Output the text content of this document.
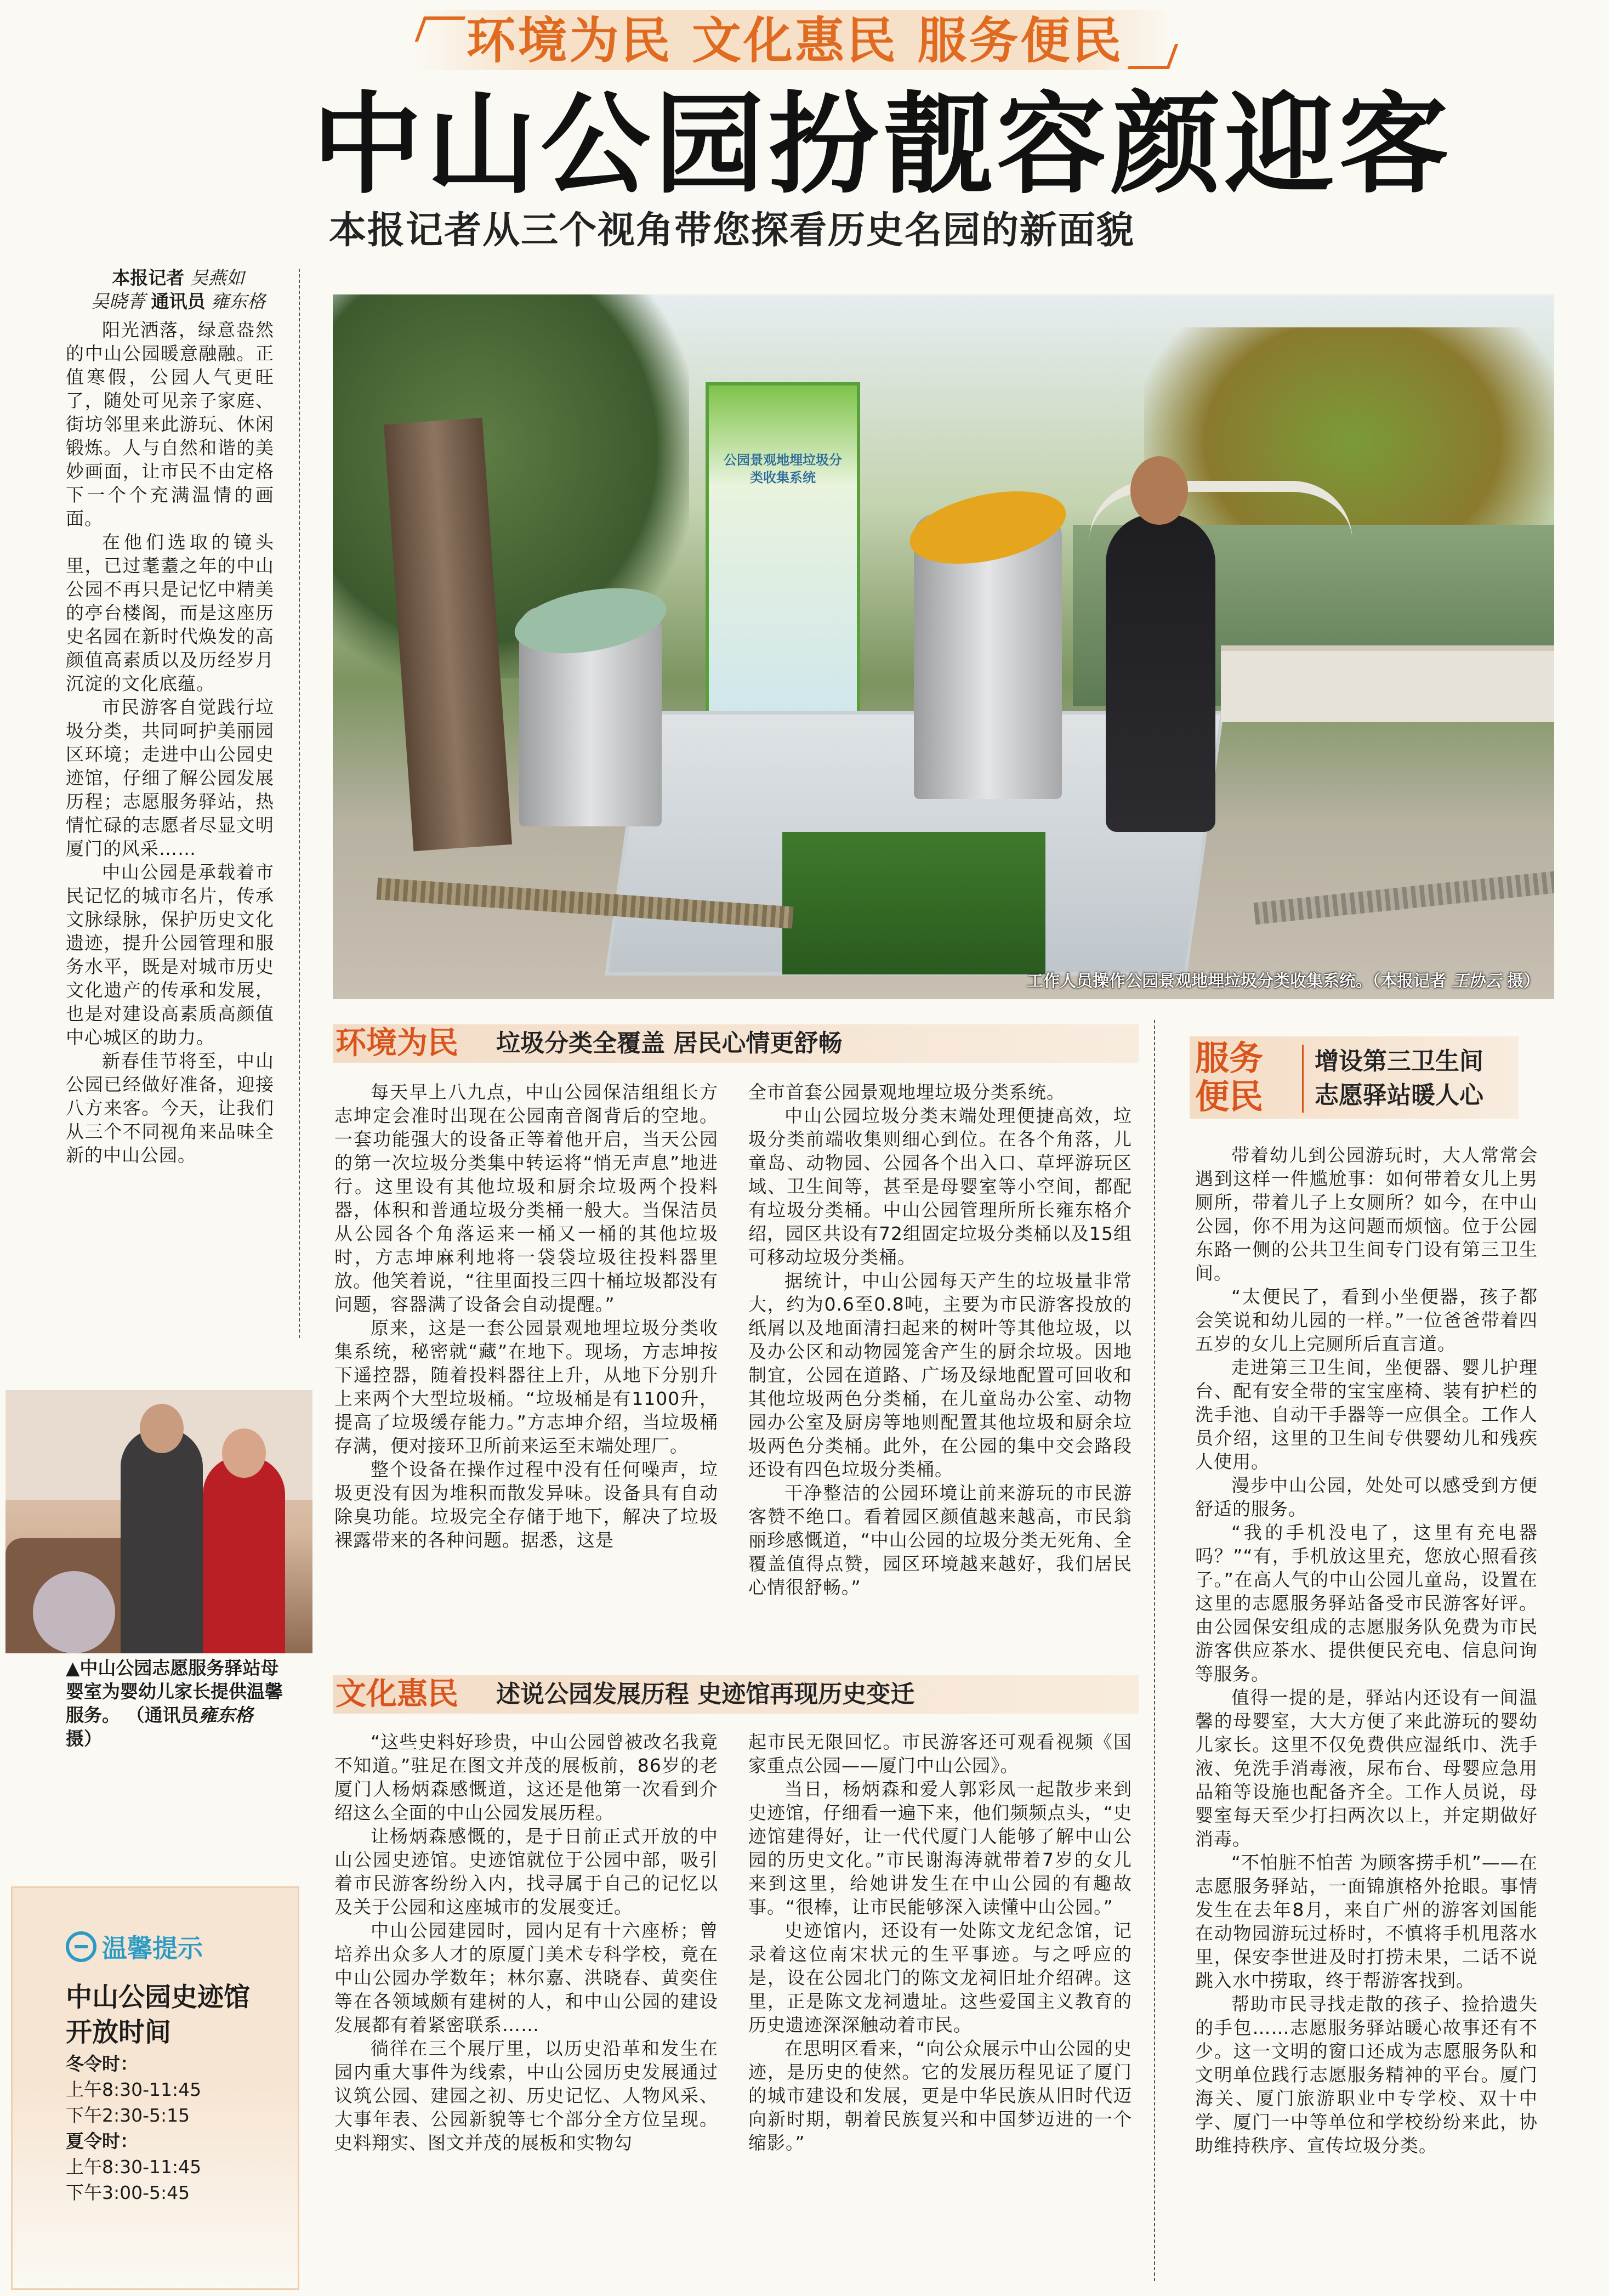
环境为民 文化惠民 服务便民
中山公园扮靓容颜迎客
本报记者从三个视角带您探看历史名园的新面貌
本报记者 吴燕如
吴晓菁 通讯员 雍东格

阳光洒落，绿意盎然的中山公园暖意融融。正值寒假，公园人气更旺了，随处可见亲子家庭、街坊邻里来此游玩、休闲锻炼。人与自然和谐的美妙画面，让市民不由定格下一个个充满温情的画面。

在他们选取的镜头里，已过耄耋之年的中山公园不再只是记忆中精美的亭台楼阁，而是这座历史名园在新时代焕发的高颜值高素质以及历经岁月沉淀的文化底蕴。

市民游客自觉践行垃圾分类，共同呵护美丽园区环境；走进中山公园史迹馆，仔细了解公园发展历程；志愿服务驿站，热情忙碌的志愿者尽显文明厦门的风采……

中山公园是承载着市民记忆的城市名片，传承文脉绿脉，保护历史文化遗迹，提升公园管理和服务水平，既是对城市历史文化遗产的传承和发展，也是对建设高素质高颜值中心城区的助力。

新春佳节将至，中山公园已经做好准备，迎接八方来客。今天，让我们从三个不同视角来品味全新的中山公园。

▲中山公园志愿服务驿站母婴室为婴幼儿家长提供温馨服务。 （通讯员雍东格摄）
温馨提示
中山公园史迹馆
开放时间
冬令时：
上午8:30-11:45
下午2:30-5:15
夏令时：
上午8:30-11:45
下午3:00-5:45
公园景观地埋垃圾分类收集系统
工作人员操作公园景观地埋垃圾分类收集系统。（本报记者 王协云 摄）
环境为民 垃圾分类全覆盖 居民心情更舒畅

每天早上八九点，中山公园保洁组组长方志坤定会准时出现在公园南音阁背后的空地。一套功能强大的设备正等着他开启，当天公园的第一次垃圾分类集中转运将“悄无声息”地进行。这里设有其他垃圾和厨余垃圾两个投料器，体积和普通垃圾分类桶一般大。当保洁员从公园各个角落运来一桶又一桶的其他垃圾时，方志坤麻利地将一袋袋垃圾往投料器里放。他笑着说，“往里面投三四十桶垃圾都没有问题，容器满了设备会自动提醒。”

原来，这是一套公园景观地埋垃圾分类收集系统，秘密就“藏”在地下。现场，方志坤按下遥控器，随着投料器往上升，从地下分别升上来两个大型垃圾桶。“垃圾桶是有1100升，提高了垃圾缓存能力。”方志坤介绍，当垃圾桶存满，便对接环卫所前来运至末端处理厂。

整个设备在操作过程中没有任何噪声，垃圾更没有因为堆积而散发异味。设备具有自动除臭功能。垃圾完全存储于地下，解决了垃圾裸露带来的各种问题。据悉，这是

全市首套公园景观地埋垃圾分类系统。

中山公园垃圾分类末端处理便捷高效，垃圾分类前端收集则细心到位。在各个角落，儿童岛、动物园、公园各个出入口、草坪游玩区域、卫生间等，甚至是母婴室等小空间，都配有垃圾分类桶。中山公园管理所所长雍东格介绍，园区共设有72组固定垃圾分类桶以及15组可移动垃圾分类桶。

据统计，中山公园每天产生的垃圾量非常大，约为0.6至0.8吨，主要为市民游客投放的纸屑以及地面清扫起来的树叶等其他垃圾，以及办公区和动物园笼舍产生的厨余垃圾。因地制宜，公园在道路、广场及绿地配置可回收和其他垃圾两色分类桶，在儿童岛办公室、动物园办公室及厨房等地则配置其他垃圾和厨余垃圾两色分类桶。此外，在公园的集中交会路段还设有四色垃圾分类桶。

干净整洁的公园环境让前来游玩的市民游客赞不绝口。看着园区颜值越来越高，市民翁丽珍感慨道，“中山公园的垃圾分类无死角、全覆盖值得点赞，园区环境越来越好，我们居民心情很舒畅。”

文化惠民 述说公园发展历程 史迹馆再现历史变迁

“这些史料好珍贵，中山公园曾被改名我竟不知道。”驻足在图文并茂的展板前，86岁的老厦门人杨炳森感慨道，这还是他第一次看到介绍这么全面的中山公园发展历程。

让杨炳森感慨的，是于日前正式开放的中山公园史迹馆。史迹馆就位于公园中部，吸引着市民游客纷纷入内，找寻属于自己的记忆以及关于公园和这座城市的发展变迁。

中山公园建园时，园内足有十六座桥；曾培养出众多人才的原厦门美术专科学校，竟在中山公园办学数年；林尔嘉、洪晓春、黄奕住等在各领域颇有建树的人，和中山公园的建设发展都有着紧密联系……

徜徉在三个展厅里，以历史沿革和发生在园内重大事件为线索，中山公园历史发展通过议筑公园、建园之初、历史记忆、人物风采、大事年表、公园新貌等七个部分全方位呈现。史料翔实、图文并茂的展板和实物勾

起市民无限回忆。市民游客还可观看视频《国家重点公园——厦门中山公园》。

当日，杨炳森和爱人郭彩凤一起散步来到史迹馆，仔细看一遍下来，他们频频点头，“史迹馆建得好，让一代代厦门人能够了解中山公园的历史文化。”市民谢海涛就带着7岁的女儿来到这里，给她讲发生在中山公园的有趣故事。“很棒，让市民能够深入读懂中山公园。”

史迹馆内，还设有一处陈文龙纪念馆，记录着这位南宋状元的生平事迹。与之呼应的是，设在公园北门的陈文龙祠旧址介绍碑。这里，正是陈文龙祠遗址。这些爱国主义教育的历史遗迹深深触动着市民。

在思明区看来，“向公众展示中山公园的史迹，是历史的使然。它的发展历程见证了厦门的城市建设和发展，更是中华民族从旧时代迈向新时期，朝着民族复兴和中国梦迈进的一个缩影。”

服务
便民
增设第三卫生间
志愿驿站暖人心

带着幼儿到公园游玩时，大人常常会遇到这样一件尴尬事：如何带着女儿上男厕所，带着儿子上女厕所？如今，在中山公园，你不用为这问题而烦恼。位于公园东路一侧的公共卫生间专门设有第三卫生间。

“太便民了，看到小坐便器，孩子都会笑说和幼儿园的一样。”一位爸爸带着四五岁的女儿上完厕所后直言道。

走进第三卫生间，坐便器、婴儿护理台、配有安全带的宝宝座椅、装有护栏的洗手池、自动干手器等一应俱全。工作人员介绍，这里的卫生间专供婴幼儿和残疾人使用。

漫步中山公园，处处可以感受到方便舒适的服务。

“我的手机没电了，这里有充电器吗？”“有，手机放这里充，您放心照看孩子。”在高人气的中山公园儿童岛，设置在这里的志愿服务驿站备受市民游客好评。由公园保安组成的志愿服务队免费为市民游客供应茶水、提供便民充电、信息问询等服务。

值得一提的是，驿站内还设有一间温馨的母婴室，大大方便了来此游玩的婴幼儿家长。这里不仅免费供应湿纸巾、洗手液、免洗手消毒液，尿布台、母婴应急用品箱等设施也配备齐全。工作人员说，母婴室每天至少打扫两次以上，并定期做好消毒。

“不怕脏不怕苦 为顾客捞手机”——在志愿服务驿站，一面锦旗格外抢眼。事情发生在去年8月，来自广州的游客刘国能在动物园游玩过桥时，不慎将手机甩落水里，保安李世进及时打捞未果，二话不说跳入水中捞取，终于帮游客找到。

帮助市民寻找走散的孩子、捡拾遗失的手包……志愿服务驿站暖心故事还有不少。这一文明的窗口还成为志愿服务队和文明单位践行志愿服务精神的平台。厦门海关、厦门旅游职业中专学校、双十中学、厦门一中等单位和学校纷纷来此，协助维持秩序、宣传垃圾分类。
